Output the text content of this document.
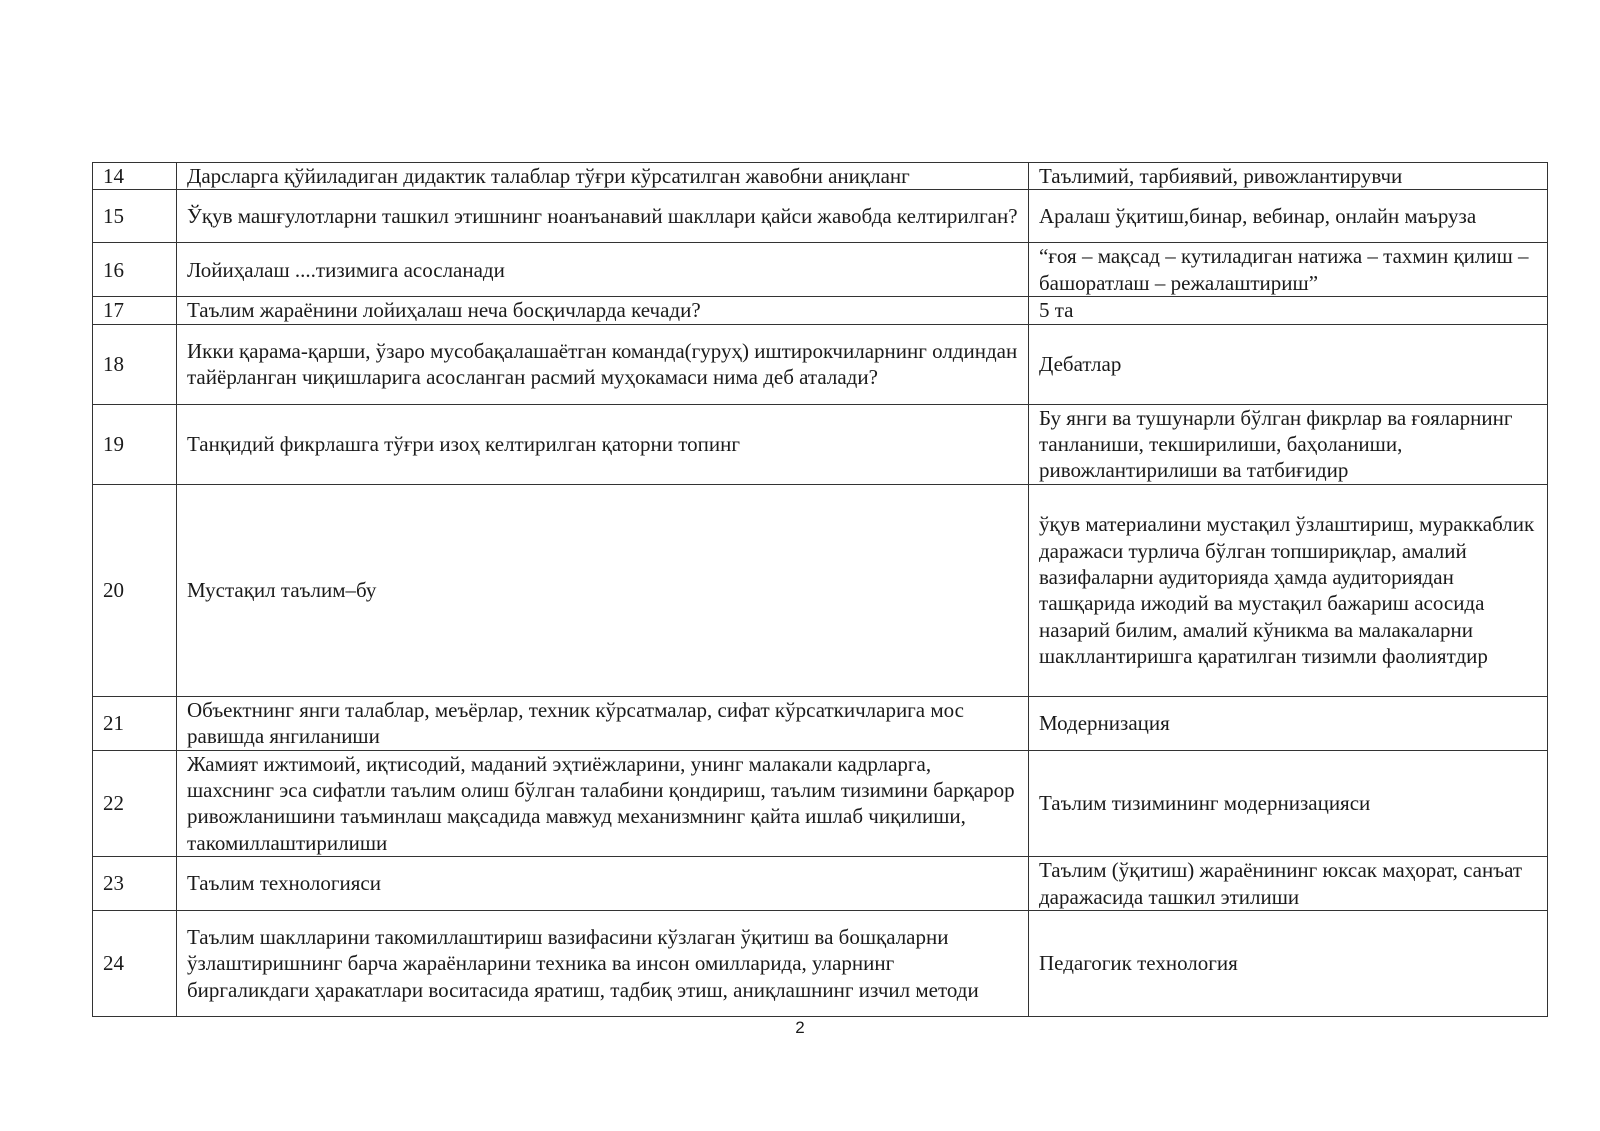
14	Дарсларга қўйиладиган дидактик талаблар тўғри кўрсатилган жавобни аниқланг	Таълимий, тарбиявий, ривожлантирувчи
15	Ўқув машғулотларни ташкил этишнинг ноанъанавий шакллари қайси жавобда келтирилган?	Аралаш ўқитиш,бинар, вебинар, онлайн маъруза
16	Лойиҳалаш ....тизимига асосланади	“ғоя – мақсад – кутиладиган натижа – тахмин қилиш – башоратлаш – режалаштириш”
17	Таълим жараёнини лойиҳалаш неча босқичларда кечади?	5 та
18	Икки қарама-қарши, ўзаро мусобақалашаётган команда(гуруҳ) иштирокчиларнинг олдиндан тайёрланган чиқишларига асосланган расмий муҳокамаси нима деб аталади?	Дебатлар
19	Танқидий фикрлашга тўғри изоҳ келтирилган қаторни топинг	Бу янги ва тушунарли бўлган фикрлар ва ғояларнинг танланиши, текширилиши, баҳоланиши, ривожлантирилиши ва татбиғидир
20	Мустақил таълим–бу	ўқув материалини мустақил ўзлаштириш, мураккаблик даражаси турлича бўлган топшириқлар, амалий вазифаларни аудиторияда ҳамда аудиториядан ташқарида ижодий ва мустақил бажариш асосида назарий билим, амалий кўникма ва малакаларни шакллантиришга қаратилган тизимли фаолиятдир
21	Объектнинг янги талаблар, меъёрлар, техник кўрсатмалар, сифат кўрсаткичларига мос равишда янгиланиши	Модернизация
22	Жамият ижтимоий, иқтисодий, маданий эҳтиёжларини, унинг малакали кадрларга, шахснинг эса сифатли таълим олиш бўлган талабини қондириш, таълим тизимини барқарор ривожланишини таъминлаш мақсадида мавжуд механизмнинг қайта ишлаб чиқилиши, такомиллаштирилиши	Таълим тизимининг модернизацияси
23	Таълим технологияси	Таълим (ўқитиш) жараёнининг юксак маҳорат, санъат даражасида ташкил этилиши
24	Таълим шаклларини такомиллаштириш вазифасини кўзлаган ўқитиш ва бошқаларни ўзлаштиришнинг барча жараёнларини техника ва инсон омилларида, уларнинг биргаликдаги ҳаракатлари воситасида яратиш, тадбиқ этиш, аниқлашнинг изчил методи	Педагогик технология
2
